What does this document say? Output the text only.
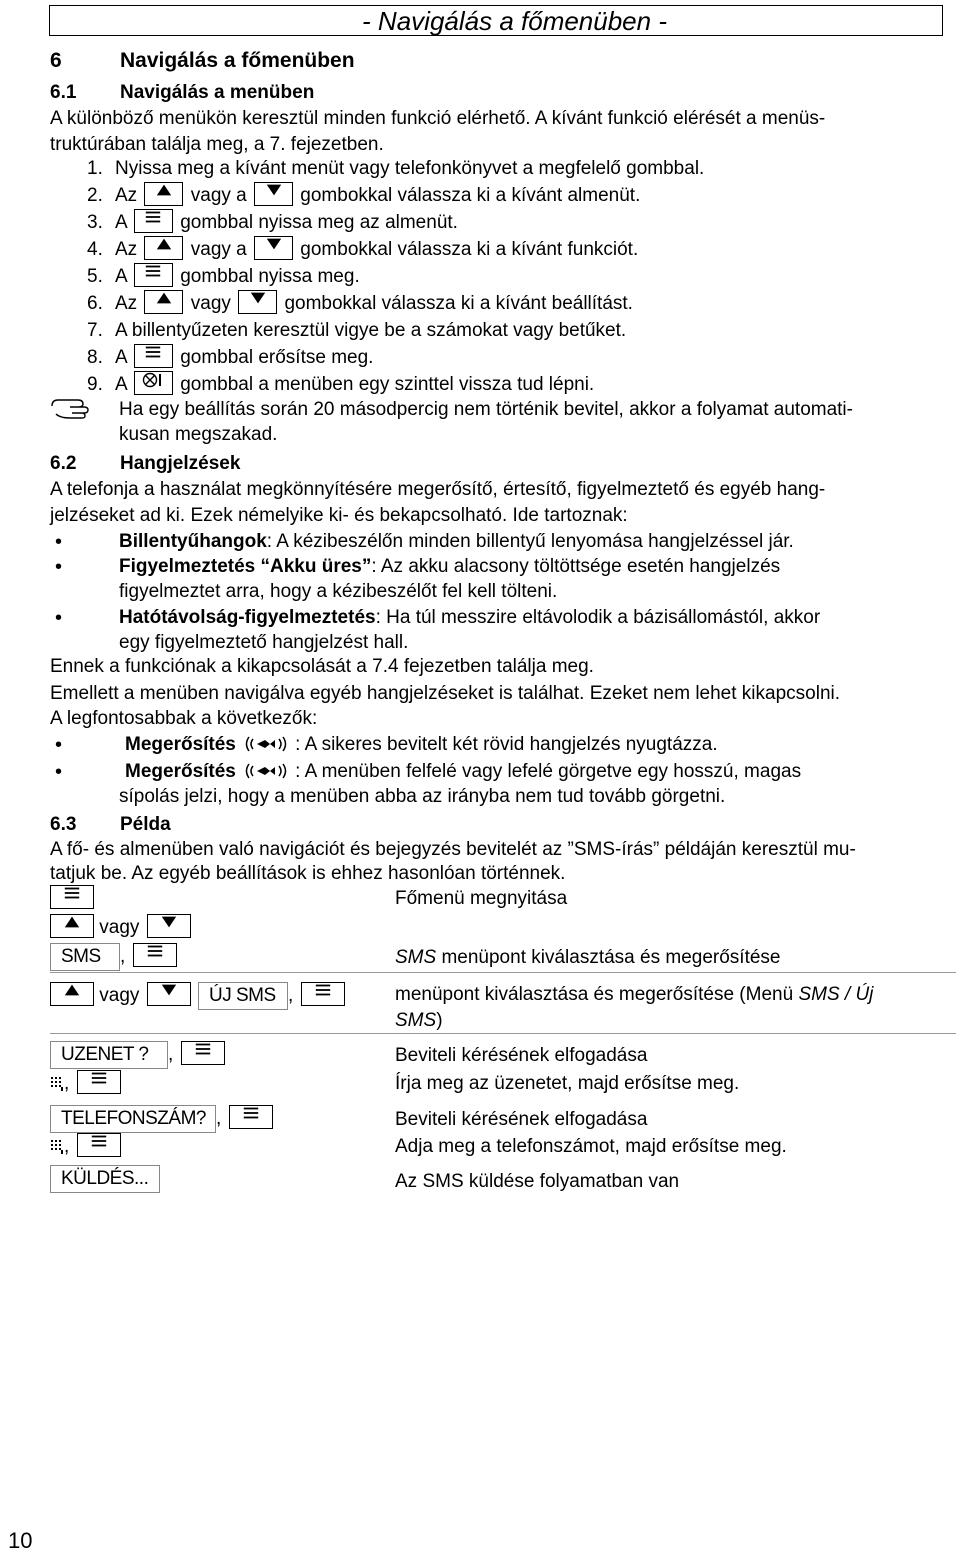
- Navigálás a főmenüben -
6	Navigálás a főmenüben
6.1 Navigálás a menüben
A különböző menükön keresztül minden funkció elérhető. A kívánt funkció elérését a menüs-
truktúrában találja meg, a 7. fejezetben.
1. Nyissa meg a kívánt menüt vagy telefonkönyvet a megfelelő gombbal.
2. Az	vagy a	gombokkal válassza ki a kívánt almenüt.
3. A	gombbal nyissa meg az almenüt.
4. Az	vagy a	gombokkal válassza ki a kívánt funkciót.
5. A	gombbal nyissa meg.
6. Az	vagy	gombokkal válassza ki a kívánt beállítást.
7. A billentyűzeten keresztül vigye be a számokat vagy betűket.
8. A	gombbal erősítse meg.
9. A	gombbal a menüben egy szinttel vissza tud lépni.
Ha egy beállítás során 20 másodpercig nem történik bevitel, akkor a folyamat automati-
kusan megszakad.
6.2 Hangjelzések
A telefonja a használat megkönnyítésére megerősítő, értesítő, figyelmeztető és egyéb hang-
jelzéseket ad ki. Ezek némelyike ki- és bekapcsolható. Ide tartoznak:
•	Billentyűhangok: A kézibeszélőn minden billentyű lenyomása hangjelzéssel jár.
•	Figyelmeztetés “Akku üres”: Az akku alacsony töltöttsége esetén hangjelzés
figyelmeztet arra, hogy a kézibeszélőt fel kell tölteni.
•	Hatótávolság-figyelmeztetés: Ha túl messzire eltávolodik a bázisállomástól, akkor
egy figyelmeztető hangjelzést hall.
Ennek a funkciónak a kikapcsolását a 7.4 fejezetben találja meg.
Emellett a menüben navigálva egyéb hangjelzéseket is találhat. Ezeket nem lehet kikapcsolni.
A legfontosabbak a következők:
•	Megerősítés	: A sikeres bevitelt két rövid hangjelzés nyugtázza.
•	Megerősítés	: A menüben felfelé vagy lefelé görgetve egy hosszú, magas
sípolás jelzi, hogy a menüben abba az irányba nem tud tovább görgetni.
6.3 Példa
A fő- és almenüben való navigációt és bejegyzés bevitelét az ”SMS-írás” példáján keresztül mu-
tatjuk be. Az egyéb beállítások is ehhez hasonlóan történnek.
Főmenü megnyitása
vagy
SMS ,	SMS menüpont kiválasztása és megerősítése
vagy	ÚJ SMS ,	menüpont kiválasztása és megerősítése (Menü SMS / Új
SMS)
UZENET ? ,	Beviteli kérésének elfogadása
,	Írja meg az üzenetet, majd erősítse meg.
TELEFONSZÁM? ,	Beviteli kérésének elfogadása
,	Adja meg a telefonszámot, majd erősítse meg.
KÜLDÉS...	Az SMS küldése folyamatban van
10
